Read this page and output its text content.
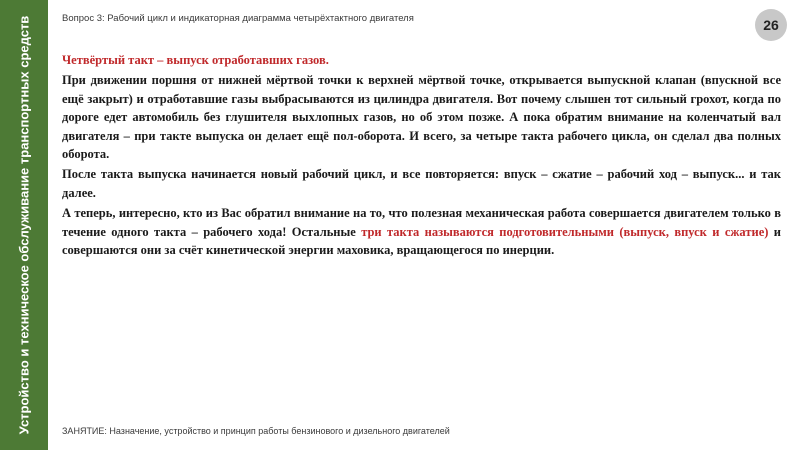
Устройство и техническое обслуживание транспортных средств	Вопрос 3: Рабочий цикл и индикаторная диаграмма четырёхтактного двигателя	26

Четвёртый такт – выпуск отработавших газов.

При движении поршня от нижней мёртвой точки к верхней мёртвой точке, открывается выпускной клапан (впускной все ещё закрыт) и отработавшие газы выбрасываются из цилиндра двигателя. Вот почему слышен тот сильный грохот, когда по дороге едет автомобиль без глушителя выхлопных газов, но об этом позже. А пока обратим внимание на коленчатый вал двигателя – при такте выпуска он делает ещё пол-оборота. И всего, за четыре такта рабочего цикла, он сделал два полных оборота.

После такта выпуска начинается новый рабочий цикл, и все повторяется: впуск – сжатие – рабочий ход – выпуск... и так далее.

А теперь, интересно, кто из Вас обратил внимание на то, что полезная механическая работа совершается двигателем только в течение одного такта – рабочего хода! Остальные три такта называются подготовительными (выпуск, впуск и сжатие) и совершаются они за счёт кинетической энергии маховика, вращающегося по инерции.

ЗАНЯТИЕ: Назначение, устройство и принцип работы бензинового и дизельного двигателей
